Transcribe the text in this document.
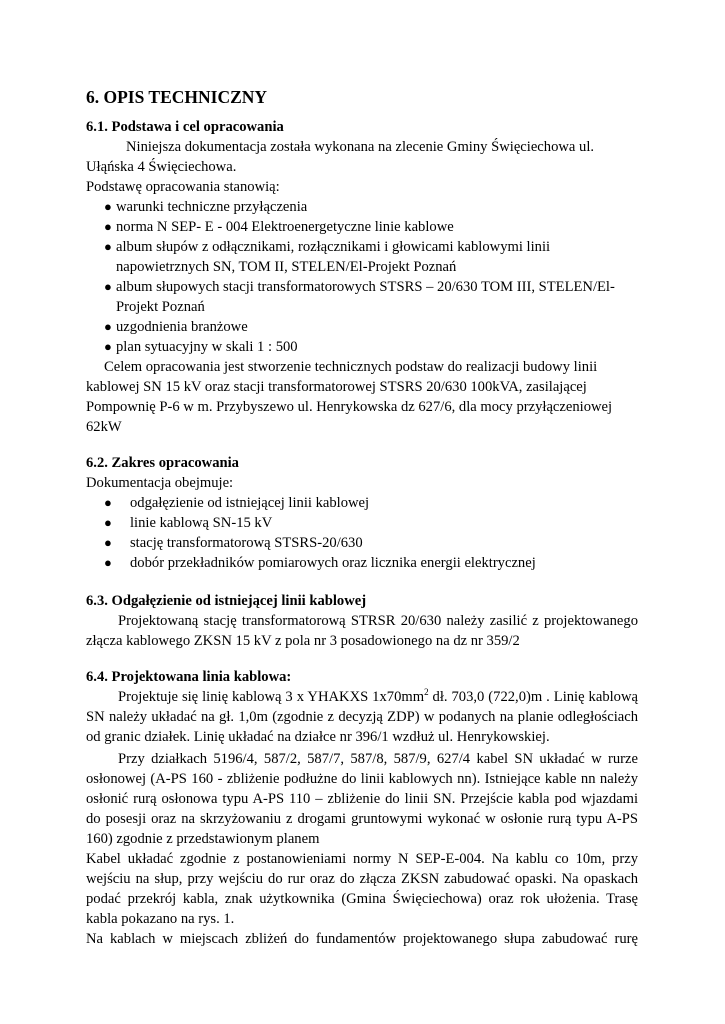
6. OPIS TECHNICZNY
6.1. Podstawa i cel opracowania
Niniejsza dokumentacja została wykonana na zlecenie Gminy Święciechowa ul.
Ułąńska 4 Święciechowa.
Podstawę opracowania stanowią:
● warunki techniczne przyłączenia
● norma N SEP- E - 004 Elektroenergetyczne linie kablowe
● album słupów z odłącznikami, rozłącznikami i głowicami kablowymi linii
napowietrznych SN, TOM II, STELEN/El-Projekt Poznań
● album słupowych stacji transformatorowych STSRS – 20/630 TOM III, STELEN/El-
Projekt Poznań
● uzgodnienia branżowe
● plan sytuacyjny w skali 1 : 500
Celem opracowania jest stworzenie technicznych podstaw do realizacji budowy linii
kablowej SN 15 kV oraz stacji transformatorowej STSRS 20/630 100kVA, zasilającej
Pompownię P-6 w m. Przybyszewo ul. Henrykowska dz 627/6, dla mocy przyłączeniowej
62kW
6.2. Zakres opracowania
Dokumentacja obejmuje:
● odgałęzienie od istniejącej linii kablowej
● linie kablową SN-15 kV
● stację transformatorową STSRS-20/630
● dobór przekładników pomiarowych oraz licznika energii elektrycznej
6.3. Odgałęzienie od istniejącej linii kablowej
Projektowaną stację transformatorową STRSR 20/630 należy zasilić z projektowanego
złącza kablowego ZKSN 15 kV z pola nr 3 posadowionego na dz nr 359/2
6.4. Projektowana linia kablowa:
Projektuje się linię kablową 3 x YHAKXS $1x70mm^2$ dł. 703,0 (722,0)m . Linię kablową
SN należy układać na gł. 1,0m (zgodnie z decyzją ZDP) w podanych na planie odległościach
od granic działek. Linię układać na działce nr 396/1 wzdłuż ul. Henrykowskiej.
Przy działkach 5196/4, 587/2, 587/7, 587/8, 587/9, 627/4 kabel SN układać w rurze
osłonowej (A-PS 160 - zbliżenie podłużne do linii kablowych nn). Istniejące kable nn należy
osłonić rurą osłonowa typu A-PS 110 – zbliżenie do linii SN. Przejście kabla pod wjazdami
do posesji oraz na skrzyżowaniu z drogami gruntowymi wykonać w osłonie rurą typu A-PS
160) zgodnie z przedstawionym planem
Kabel układać zgodnie z postanowieniami normy N SEP-E-004. Na kablu co 10m, przy
wejściu na słup, przy wejściu do rur oraz do złącza ZKSN zabudować opaski. Na opaskach
podać przekrój kabla, znak użytkownika (Gmina Święciechowa) oraz rok ułożenia. Trasę
kabla pokazano na rys. 1.
Na kablach w miejscach zbliżeń do fundamentów projektowanego słupa zabudować rurę
